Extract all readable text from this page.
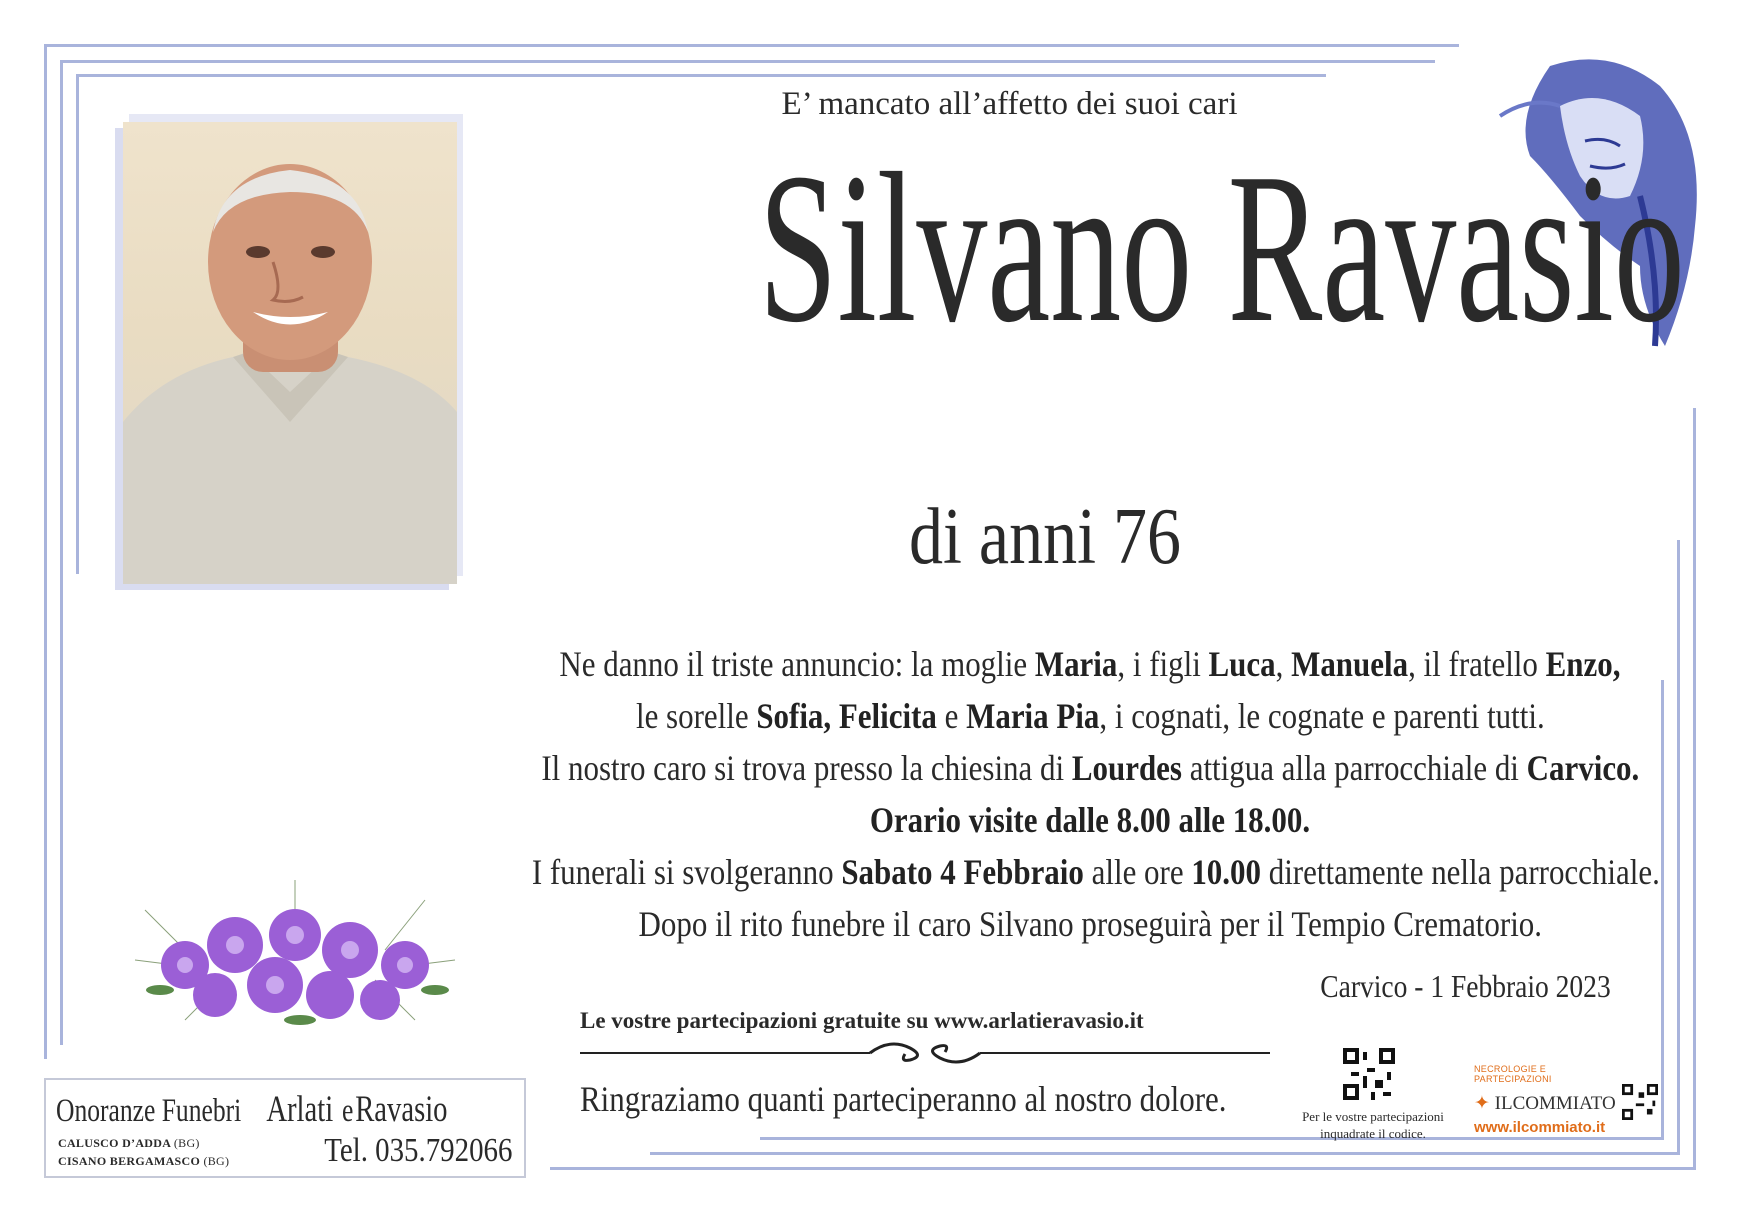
E’ mancato all’affetto dei suoi cari
Silvano Ravasio
di anni 76

Ne danno il triste annuncio: la moglie Maria, i figli Luca, Manuela, il fratello Enzo,

le sorelle Sofia, Felicita e Maria Pia, i cognati, le cognate e parenti tutti.

Il nostro caro si trova presso la chiesina di Lourdes attigua alla parrocchiale di Carvico.

Orario visite dalle 8.00 alle 18.00.

I funerali si svolgeranno Sabato 4 Febbraio alle ore 10.00 direttamente nella parrocchiale.

Dopo il rito funebre il caro Silvano proseguirà per il Tempio Crematorio.

Carvico - 1 Febbraio 2023
Le vostre partecipazioni gratuite su www.arlatieravasio.it
Ringraziamo quanti parteciperanno al nostro dolore.	Per le vostre partecipazioni
inquadrate il codice.
NECROLOGIE E PARTECIPAZIONI
✦ ILCOMMIATO
www.ilcommiato.it
Onoranze FunebriArlatieRavasio
CALUSCO D’ADDA (BG)
CISANO BERGAMASCO (BG)	Tel. 035.792066
